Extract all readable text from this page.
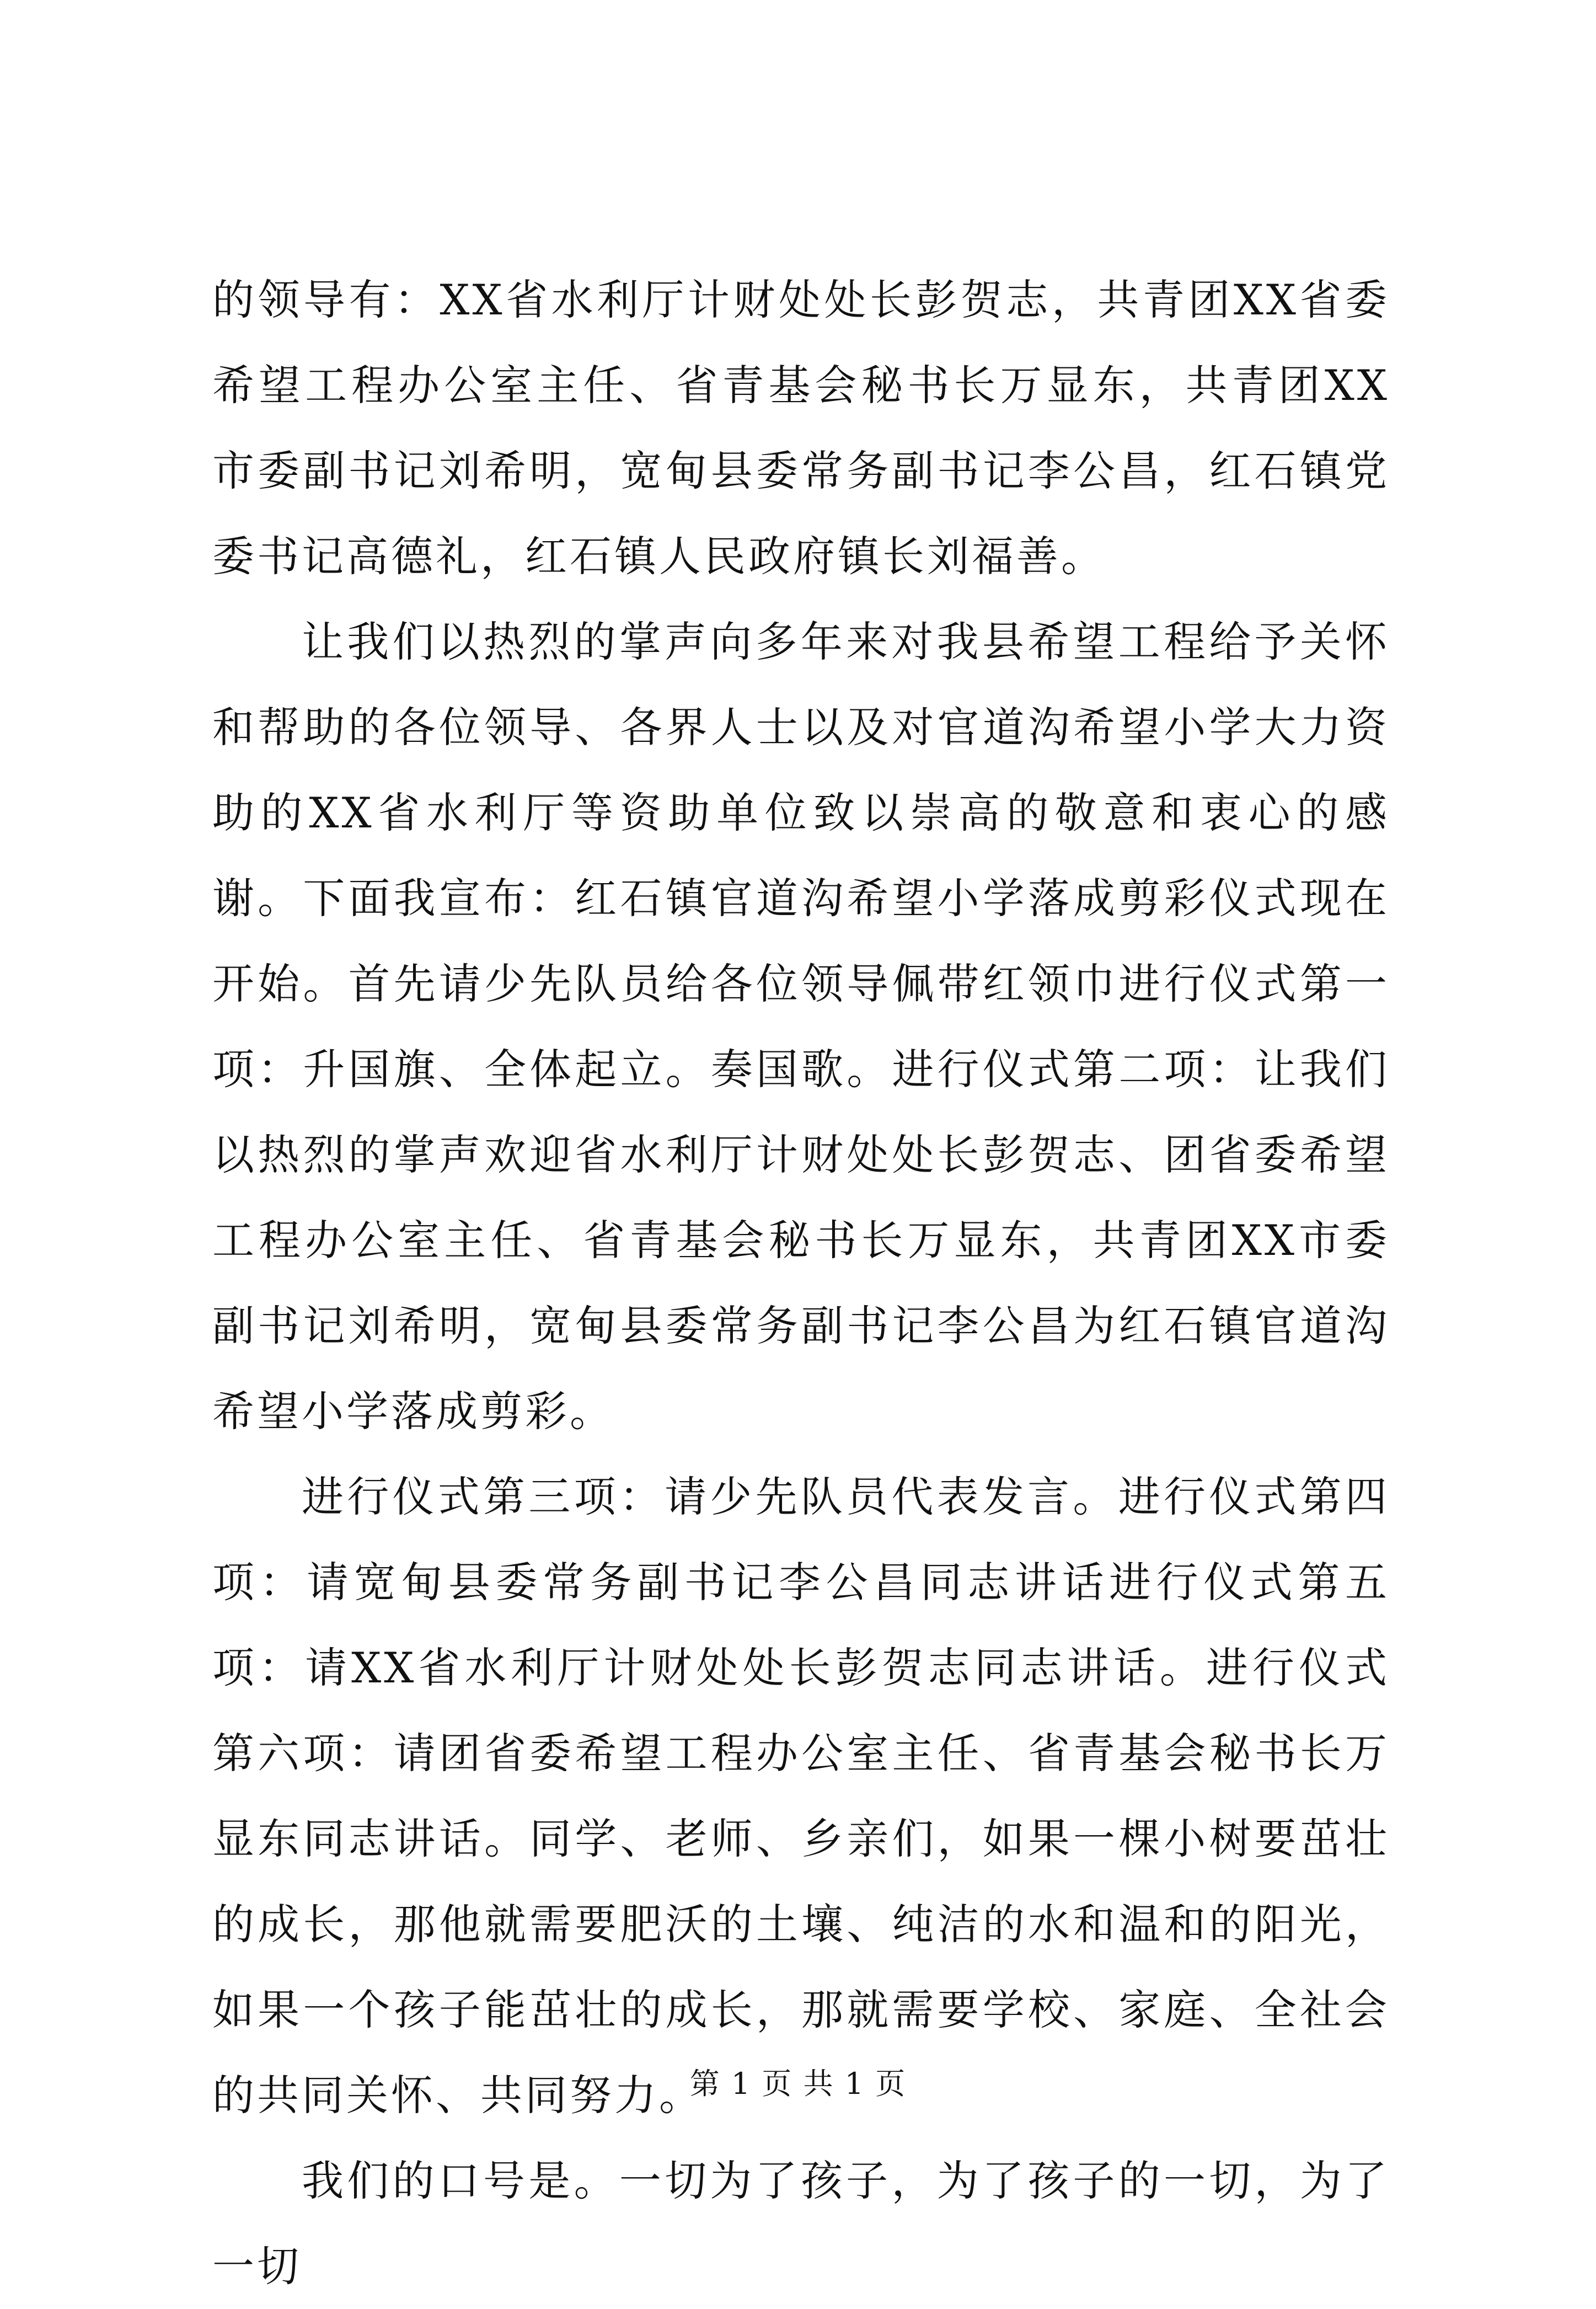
的领导有：XX省水利厅计财处处长彭贺志，共青团XX省委希望工程办公室主任、省青基会秘书长万显东，共青团XX市委副书记刘希明，宽甸县委常务副书记李公昌，红石镇党委书记高德礼，红石镇人民政府镇长刘福善。

让我们以热烈的掌声向多年来对我县希望工程给予关怀和帮助的各位领导、各界人士以及对官道沟希望小学大力资助的XX省水利厅等资助单位致以崇高的敬意和衷心的感谢。下面我宣布：红石镇官道沟希望小学落成剪彩仪式现在开始。首先请少先队员给各位领导佩带红领巾进行仪式第一项：升国旗、全体起立。奏国歌。进行仪式第二项：让我们以热烈的掌声欢迎省水利厅计财处处长彭贺志、团省委希望工程办公室主任、省青基会秘书长万显东，共青团XX市委副书记刘希明，宽甸县委常务副书记李公昌为红石镇官道沟希望小学落成剪彩。

进行仪式第三项：请少先队员代表发言。进行仪式第四项：请宽甸县委常务副书记李公昌同志讲话进行仪式第五项：请XX省水利厅计财处处长彭贺志同志讲话。进行仪式第六项：请团省委希望工程办公室主任、省青基会秘书长万显东同志讲话。同学、老师、乡亲们，如果一棵小树要茁壮的成长，那他就需要肥沃的土壤、纯洁的水和温和的阳光，如果一个孩子能茁壮的成长，那就需要学校、家庭、全社会的共同关怀、共同努力。

我们的口号是。一切为了孩子，为了孩子的一切，为了一切

第 1 页 共 1 页
